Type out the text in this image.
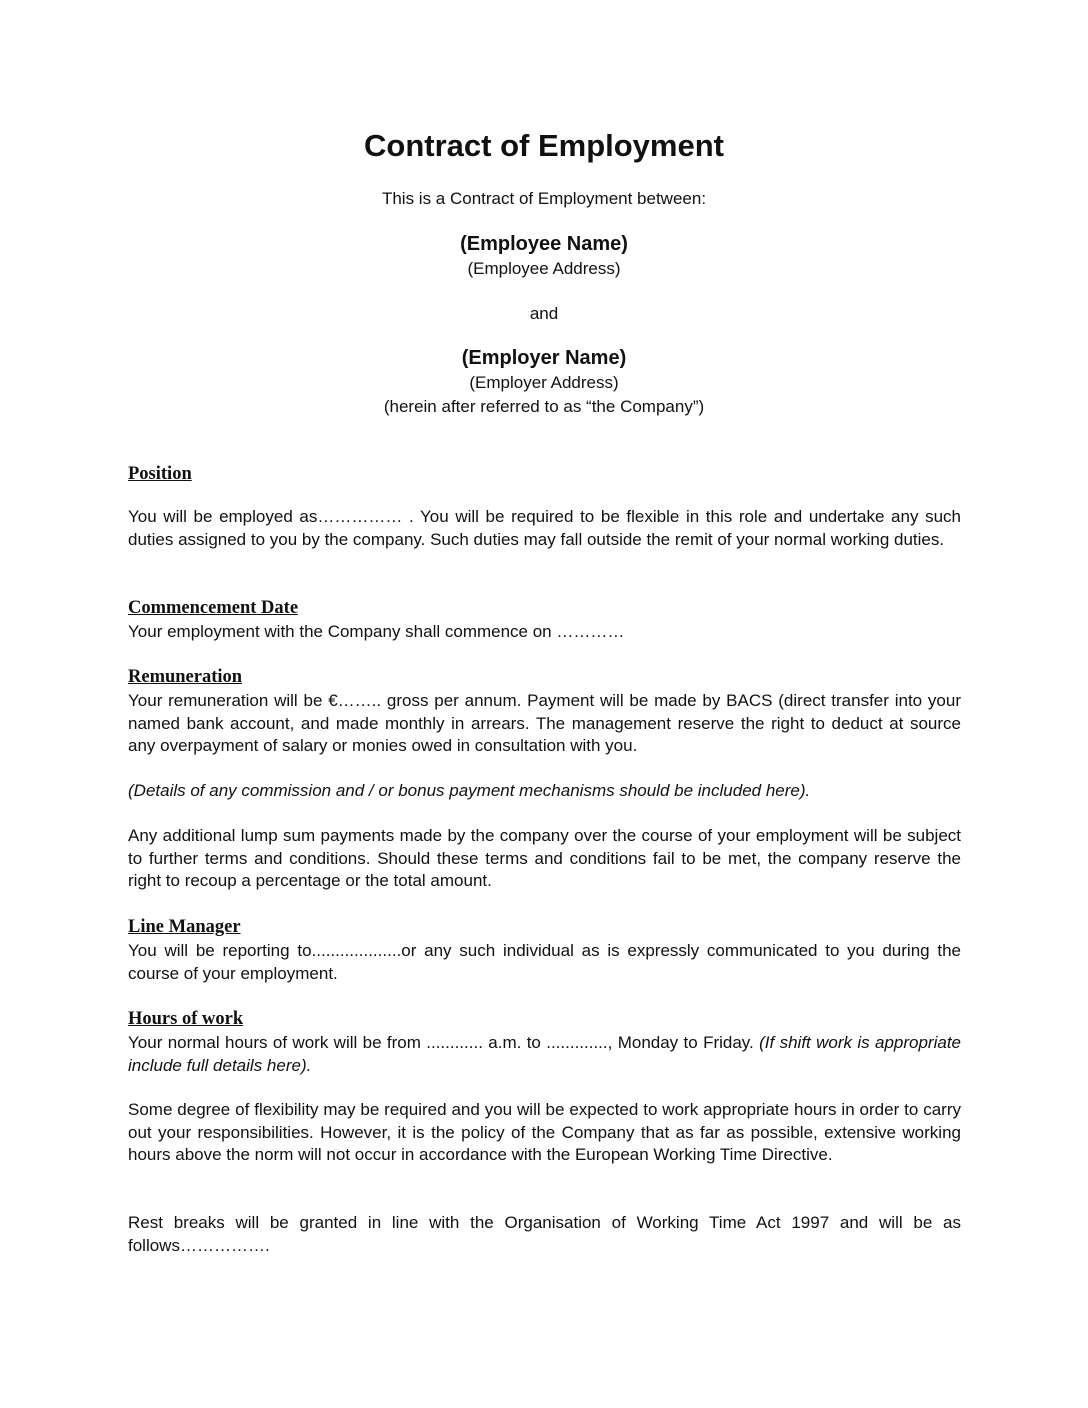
Contract of Employment

This is a Contract of Employment between:

(Employee Name)

(Employee Address)

and

(Employer Name)

(Employer Address)

(herein after referred to as “the Company”)

Position

You will be employed as…………… . You will be required to be flexible in this role and undertake any such duties assigned to you by the company. Such duties may fall outside the remit of your normal working duties.

Commencement Date

Your employment with the Company shall commence on …………

Remuneration

Your remuneration will be €…….. gross per annum. Payment will be made by BACS (direct transfer into your named bank account, and made monthly in arrears. The management reserve the right to deduct at source any overpayment of salary or monies owed in consultation with you.

(Details of any commission and / or bonus payment mechanisms should be included here).

Any additional lump sum payments made by the company over the course of your employment will be subject to further terms and conditions. Should these terms and conditions fail to be met, the company reserve the right to recoup a percentage or the total amount.

Line Manager

You will be reporting to...................or any such individual as is expressly communicated to you during the course of your employment.

Hours of work

Your normal hours of work will be from ............ a.m. to ............., Monday to Friday. (If shift work is appropriate include full details here).

Some degree of flexibility may be required and you will be expected to work appropriate hours in order to carry out your responsibilities. However, it is the policy of the Company that as far as possible, extensive working hours above the norm will not occur in accordance with the European Working Time Directive.

Rest breaks will be granted in line with the Organisation of Working Time Act 1997 and will be as follows…………….
